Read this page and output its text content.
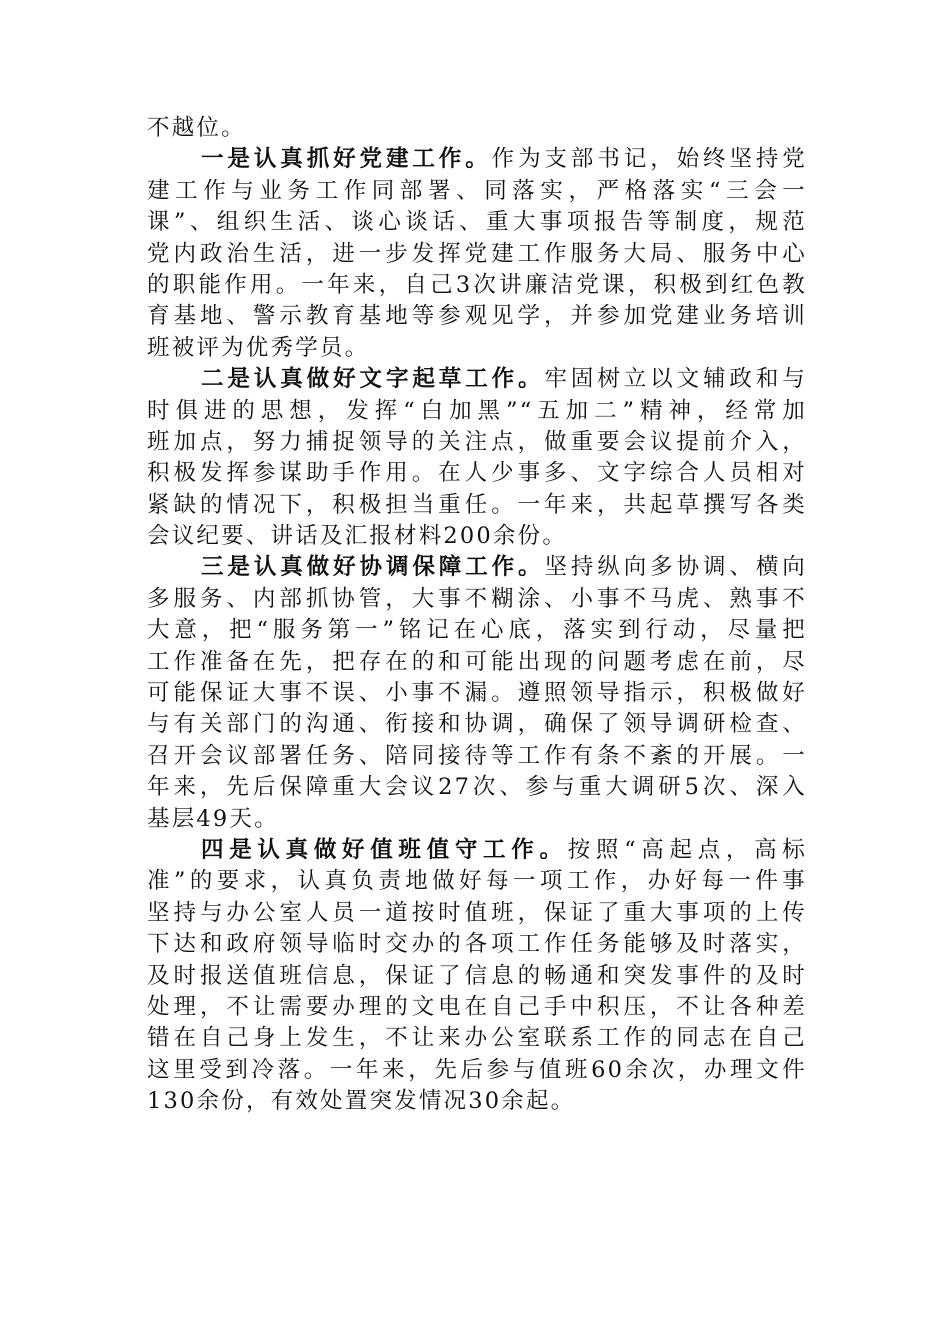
不越位。
一是认真抓好党建工作。作为支部书记，始终坚持党
建工作与业务工作同部署、同落实，严格落实“三会一
课”、组织生活、谈心谈话、重大事项报告等制度，规范
党内政治生活，进一步发挥党建工作服务大局、服务中心
的职能作用。一年来，自己3次讲廉洁党课，积极到红色教
育基地、警示教育基地等参观见学，并参加党建业务培训
班被评为优秀学员。
二是认真做好文字起草工作。牢固树立以文辅政和与
时俱进的思想，发挥“白加黑”“五加二”精神，经常加
班加点，努力捕捉领导的关注点，做重要会议提前介入，
积极发挥参谋助手作用。在人少事多、文字综合人员相对
紧缺的情况下，积极担当重任。一年来，共起草撰写各类
会议纪要、讲话及汇报材料200余份。
三是认真做好协调保障工作。坚持纵向多协调、横向
多服务、内部抓协管，大事不糊涂、小事不马虎、熟事不
大意，把“服务第一”铭记在心底，落实到行动，尽量把
工作准备在先，把存在的和可能出现的问题考虑在前，尽
可能保证大事不误、小事不漏。遵照领导指示，积极做好
与有关部门的沟通、衔接和协调，确保了领导调研检查、
召开会议部署任务、陪同接待等工作有条不紊的开展。一
年来，先后保障重大会议27次、参与重大调研5次、深入
基层49天。
四是认真做好值班值守工作。按照“高起点，高标
准”的要求，认真负责地做好每一项工作，办好每一件事
坚持与办公室人员一道按时值班，保证了重大事项的上传
下达和政府领导临时交办的各项工作任务能够及时落实，
及时报送值班信息，保证了信息的畅通和突发事件的及时
处理，不让需要办理的文电在自己手中积压，不让各种差
错在自己身上发生，不让来办公室联系工作的同志在自己
这里受到冷落。一年来，先后参与值班60余次，办理文件
130余份，有效处置突发情况30余起。
